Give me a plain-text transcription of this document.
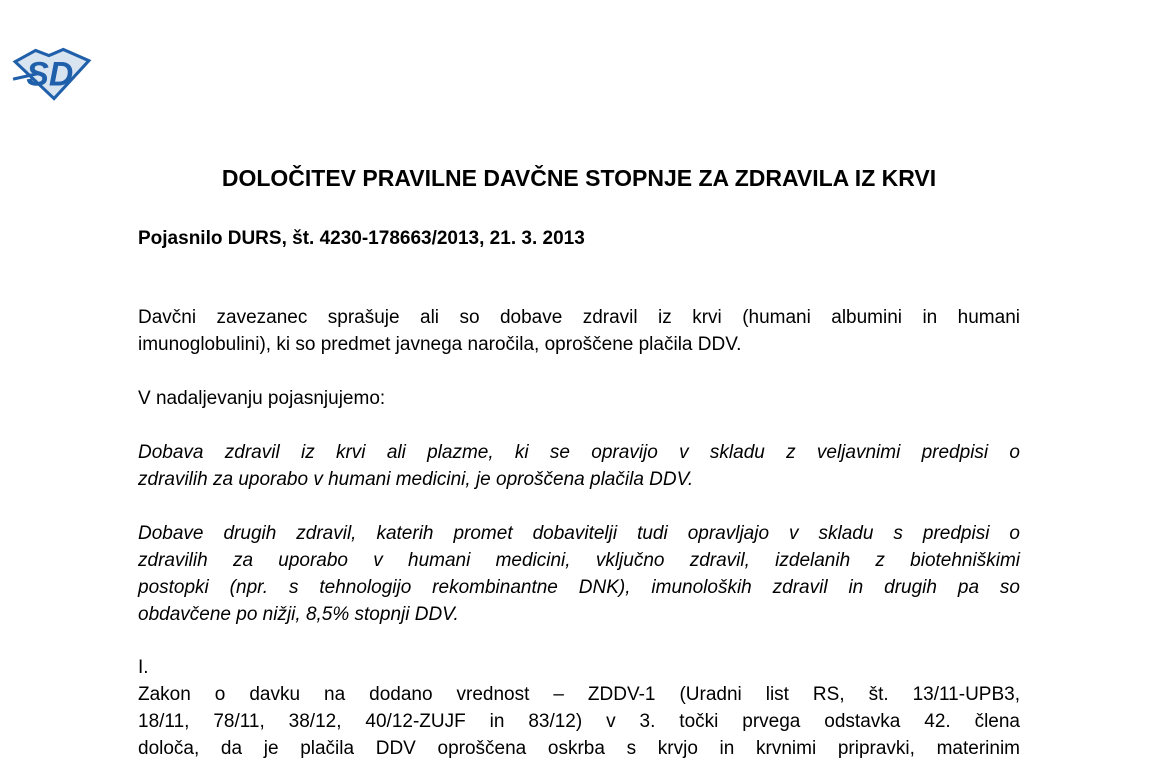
SD
DOLOČITEV PRAVILNE DAVČNE STOPNJE ZA ZDRAVILA IZ KRVI
Pojasnilo DURS, št. 4230-178663/2013, 21. 3. 2013
Davčni zavezanec sprašuje ali so dobave zdravil iz krvi (humani albumini in humani
imunoglobulini), ki so predmet javnega naročila, oproščene plačila DDV.
V nadaljevanju pojasnjujemo:
Dobava zdravil iz krvi ali plazme, ki se opravijo v skladu z veljavnimi predpisi o
zdravilih za uporabo v humani medicini, je oproščena plačila DDV.
Dobave drugih zdravil, katerih promet dobavitelji tudi opravljajo v skladu s predpisi o
zdravilih za uporabo v humani medicini, vključno zdravil, izdelanih z biotehniškimi
postopki (npr. s tehnologijo rekombinantne DNK), imunoloških zdravil in drugih pa so
obdavčene po nižji, 8,5% stopnji DDV.
I.
Zakon o davku na dodano vrednost – ZDDV-1 (Uradni list RS, št. 13/11-UPB3,
18/11, 78/11, 38/12, 40/12-ZUJF in 83/12) v 3. točki prvega odstavka 42. člena
določa, da je plačila DDV oproščena oskrba s krvjo in krvnimi pripravki, materinim
